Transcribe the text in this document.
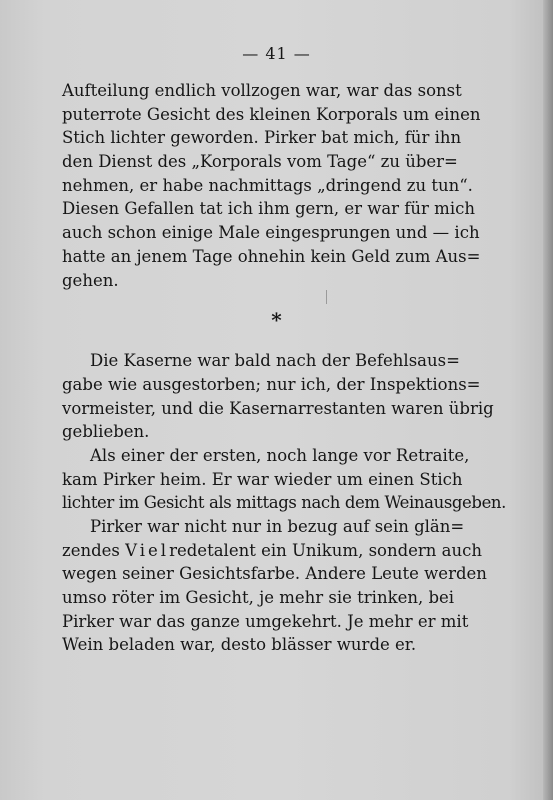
— 41 —
Aufteilung endlich vollzogen war, war das sonst
puterrote Gesicht des kleinen Korporals um einen
Stich lichter geworden. Pirker bat mich, für ihn
den Dienst des „Korporals vom Tage“ zu über=
nehmen, er habe nachmittags „dringend zu tun“.
Diesen Gefallen tat ich ihm gern, er war für mich
auch schon einige Male eingesprungen und — ich
hatte an jenem Tage ohnehin kein Geld zum Aus=
gehen.
Die Kaserne war bald nach der Befehlsaus=
gabe wie ausgestorben; nur ich, der Inspektions=
vormeister, und die Kasernarrestanten waren übrig
geblieben.
Als einer der ersten, noch lange vor Retraite,
kam Pirker heim. Er war wieder um einen Stich
lichter im Gesicht als mittags nach dem Weinausgeben.
Pirker war nicht nur in bezug auf sein glän=
zendes Vielredetalent ein Unikum, sondern auch
wegen seiner Gesichtsfarbe. Andere Leute werden
umso röter im Gesicht, je mehr sie trinken, bei
Pirker war das ganze umgekehrt. Je mehr er mit
Wein beladen war, desto blässer wurde er.
*
